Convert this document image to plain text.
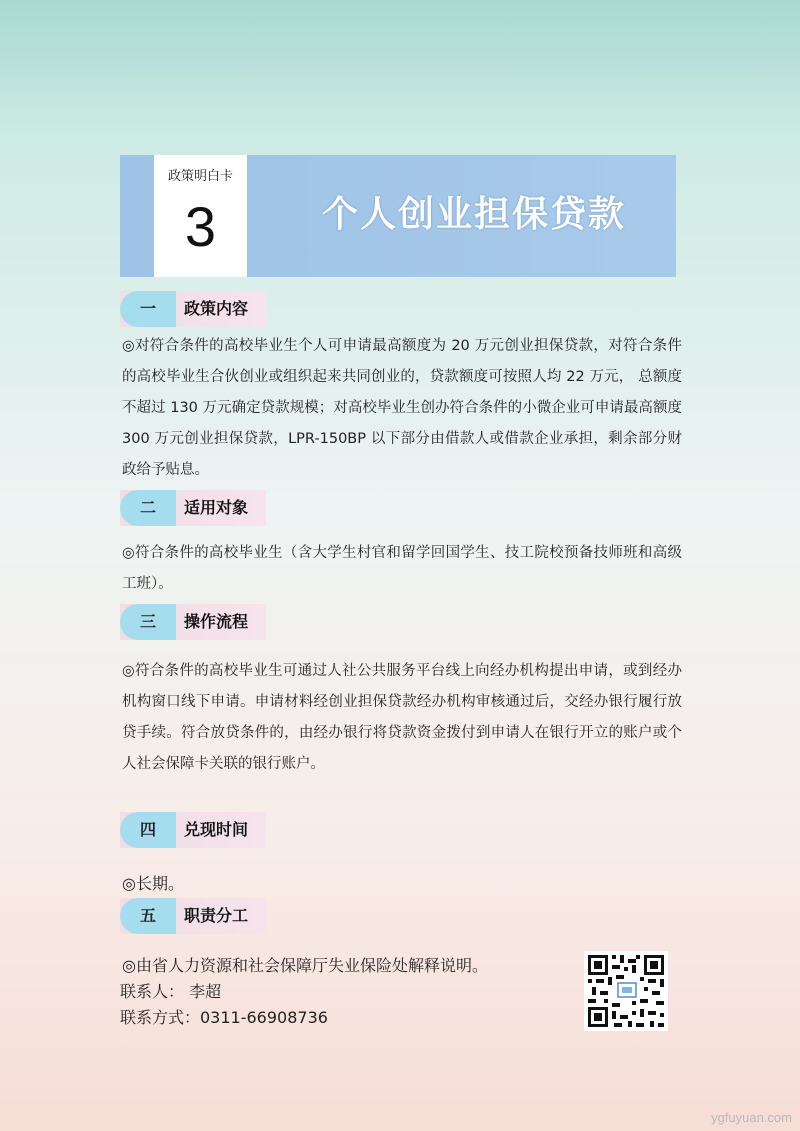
政策明白卡
3	个人创业担保贷款
一	政策内容
◎对符合条件的高校毕业生个人可申请最高额度为 20 万元创业担保贷款，对符合条件的高校毕业生合伙创业或组织起来共同创业的，贷款额度可按照人均 22 万元， 总额度不超过 130 万元确定贷款规模；对高校毕业生创办符合条件的小微企业可申请最高额度 300 万元创业担保贷款，LPR-150BP 以下部分由借款人或借款企业承担，剩余部分财政给予贴息。
二	适用对象
◎符合条件的高校毕业生（含大学生村官和留学回国学生、技工院校预备技师班和高级工班）。
三	操作流程
◎符合条件的高校毕业生可通过人社公共服务平台线上向经办机构提出申请，或到经办机构窗口线下申请。申请材料经创业担保贷款经办机构审核通过后，交经办银行履行放贷手续。符合放贷条件的，由经办银行将贷款资金拨付到申请人在银行开立的账户或个人社会保障卡关联的银行账户。
四	兑现时间
◎长期。
五	职责分工
◎由省人力资源和社会保障厅失业保险处解释说明。
联系人： 李超
联系方式：0311-66908736
ygfuyuan.com
